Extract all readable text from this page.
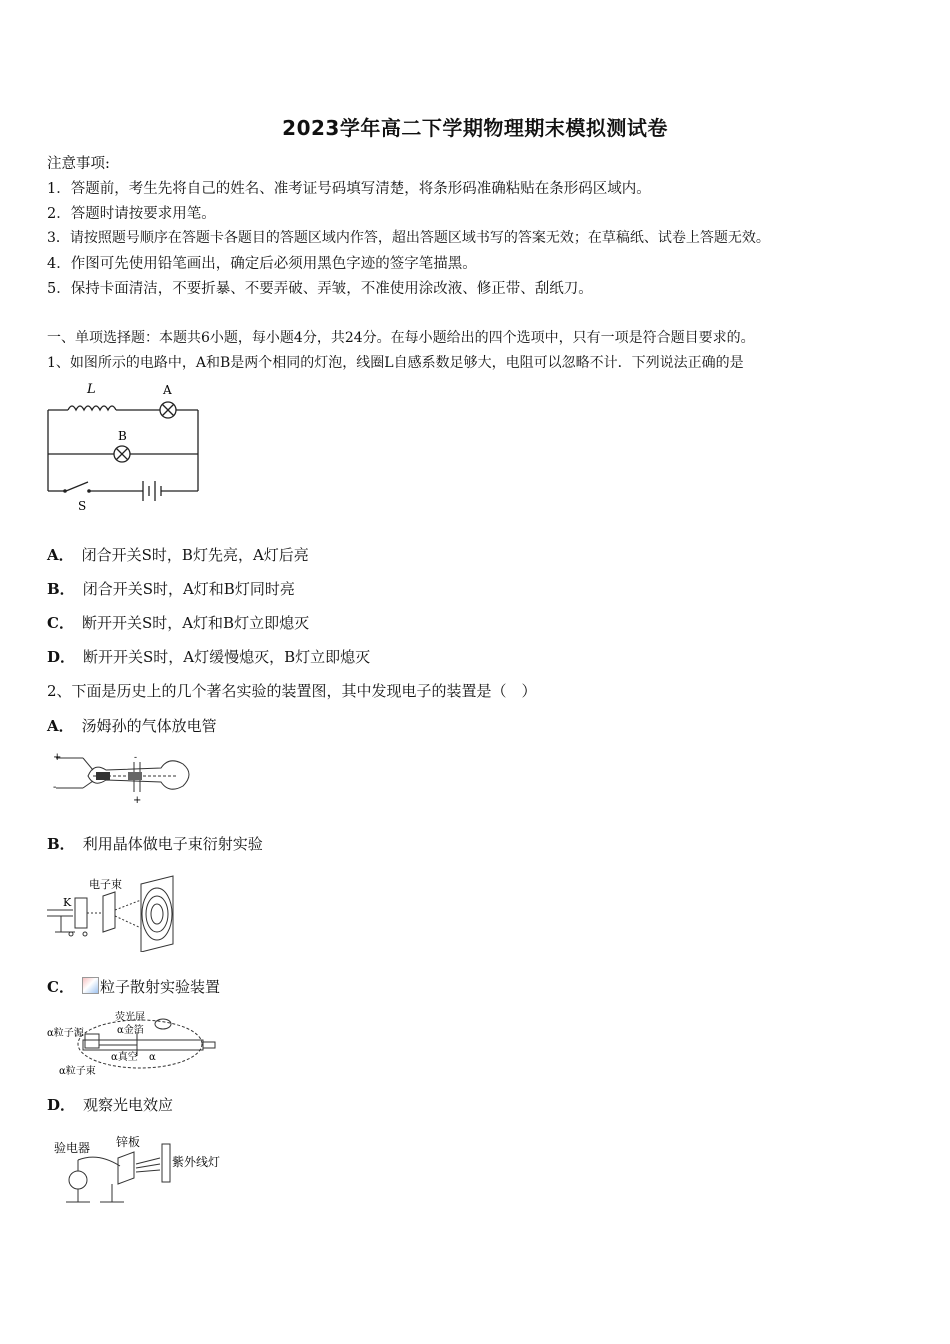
2023学年高二下学期物理期末模拟测试卷
注意事项:
1．答题前，考生先将自己的姓名、准考证号码填写清楚，将条形码准确粘贴在条形码区域内。
2．答题时请按要求用笔。
3．请按照题号顺序在答题卡各题目的答题区域内作答，超出答题区域书写的答案无效；在草稿纸、试卷上答题无效。
4．作图可先使用铅笔画出，确定后必须用黑色字迹的签字笔描黑。
5．保持卡面清洁，不要折暴、不要弄破、弄皱，不准使用涂改液、修正带、刮纸刀。
一、单项选择题：本题共6小题，每小题4分，共24分。在每小题给出的四个选项中，只有一项是符合题目要求的。
1、如图所示的电路中，A和B是两个相同的灯泡，线圈L自感系数足够大，电阻可以忽略不计．下列说法正确的是
L	A
B
S
A． 闭合开关S时，B灯先亮，A灯后亮
B． 闭合开关S时，A灯和B灯同时亮
C． 断开开关S时，A灯和B灯立即熄灭
D． 断开开关S时，A灯缓慢熄灭，B灯立即熄灭
2、下面是历史上的几个著名实验的装置图，其中发现电子的装置是（　）
A． 汤姆孙的气体放电管
+
-
-
+
B． 利用晶体做电子束衍射实验
K
电子束
C． 粒子散射实验装置
荧光屏
α金箔
α粒子源
α真空 α
α粒子束
D． 观察光电效应
验电器 锌板
紫外线灯
